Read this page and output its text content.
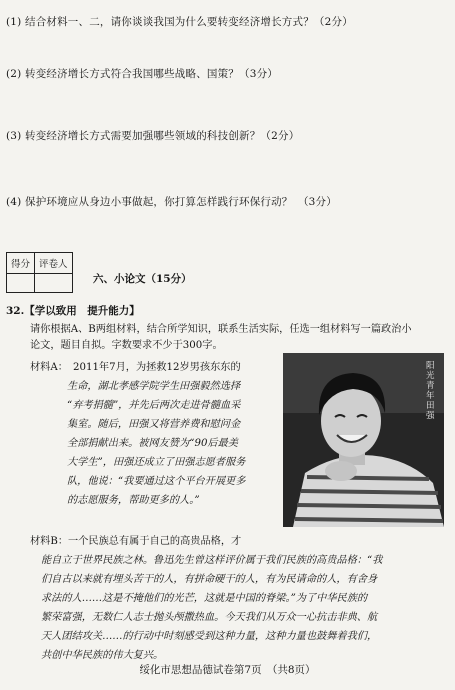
(1) 结合材料一、二，请你谈谈我国为什么要转变经济增长方式？（2分）
(2) 转变经济增长方式符合我国哪些战略、国策？（3分）
(3) 转变经济增长方式需要加强哪些领域的科技创新？（2分）
(4) 保护环境应从身边小事做起，你打算怎样践行环保行动？　（3分）
得分	评卷人

六、小论文（15分）
32.【学以致用　提升能力】
请你根据A、B两组材料，结合所学知识，联系生活实际，任选一组材料写一篇政治小
论文，题目自拟。字数要求不少于300字。
材料A：　2011年7月，为拯救12岁男孩东东的
生命，湖北孝感学院学生田强毅然选择
“弃考捐髓”，并先后两次走进骨髓血采
集室。随后，田强又将营养费和慰问金
全部捐献出来。被网友赞为“90后最美
大学生”，田强还成立了田强志愿者服务
队，他说：“我要通过这个平台开展更多
的志愿服务，帮助更多的人。”
阳光青年田强
材料B：一个民族总有属于自己的高贵品格，才
能自立于世界民族之林。鲁迅先生曾这样评价属于我们民族的高贵品格：“我
们自古以来就有埋头苦干的人，有拼命硬干的人，有为民请命的人，有舍身
求法的人……这是不掩他们的光芒，这就是中国的脊梁。”为了中华民族的
繁荣富强，无数仁人志士抛头颅撒热血。今天我们从万众一心抗击非典、航
天人团结攻关……的行动中时刻感受到这种力量，这种力量也鼓舞着我们，
共创中华民族的伟大复兴。
绥化市思想品德试卷第7页　（共8页）
